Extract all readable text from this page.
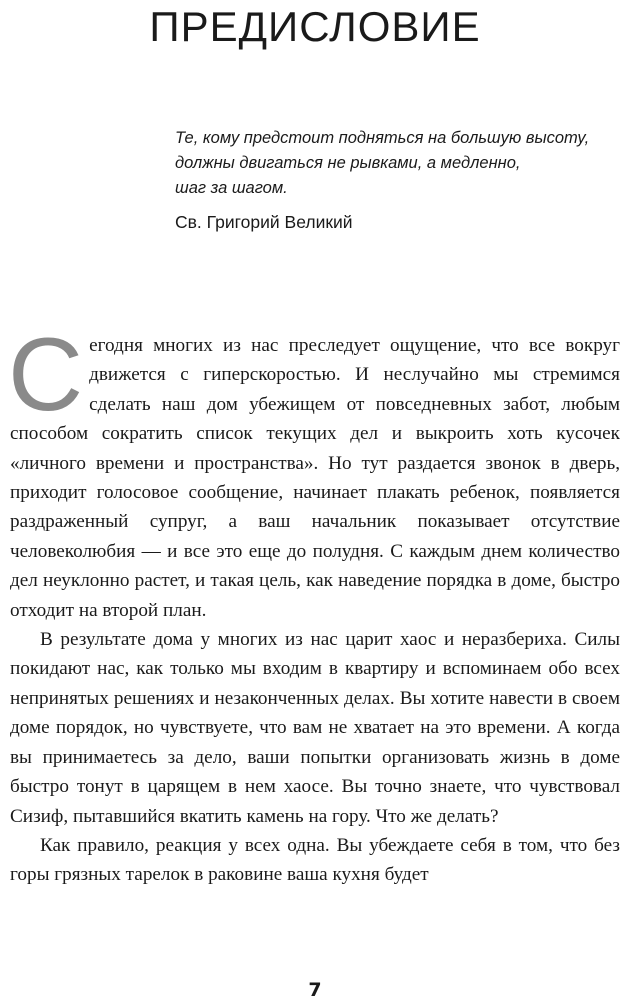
ПРЕДИСЛОВИЕ

Те, кому предстоит подняться на большую высоту,
должны двигаться не рывками, а медленно,
шаг за шагом.

Св. Григорий Великий

Сегодня многих из нас преследует ощущение, что все вокруг движется с гиперскоростью. И неслучайно мы стремимся сделать наш дом убежищем от повседневных забот, любым способом сократить список текущих дел и выкроить хоть кусочек «личного времени и пространства». Но тут раздается звонок в дверь, приходит голосовое сообщение, начинает плакать ребенок, появляется раздраженный супруг, а ваш начальник показывает отсутствие человеколюбия — и все это еще до полудня. С каждым днем количество дел неуклонно растет, и такая цель, как наведение порядка в доме, быстро отходит на второй план.

В результате дома у многих из нас царит хаос и неразбериха. Силы покидают нас, как только мы входим в квартиру и вспоминаем обо всех непринятых решениях и незаконченных делах. Вы хотите навести в своем доме порядок, но чувствуете, что вам не хватает на это времени. А когда вы принимаетесь за дело, ваши попытки организовать жизнь в доме быстро тонут в царящем в нем хаосе. Вы точно знаете, что чувствовал Сизиф, пытавшийся вкатить камень на гору. Что же делать?

Как правило, реакция у всех одна. Вы убеждаете себя в том, что без горы грязных тарелок в раковине ваша кухня будет

7
